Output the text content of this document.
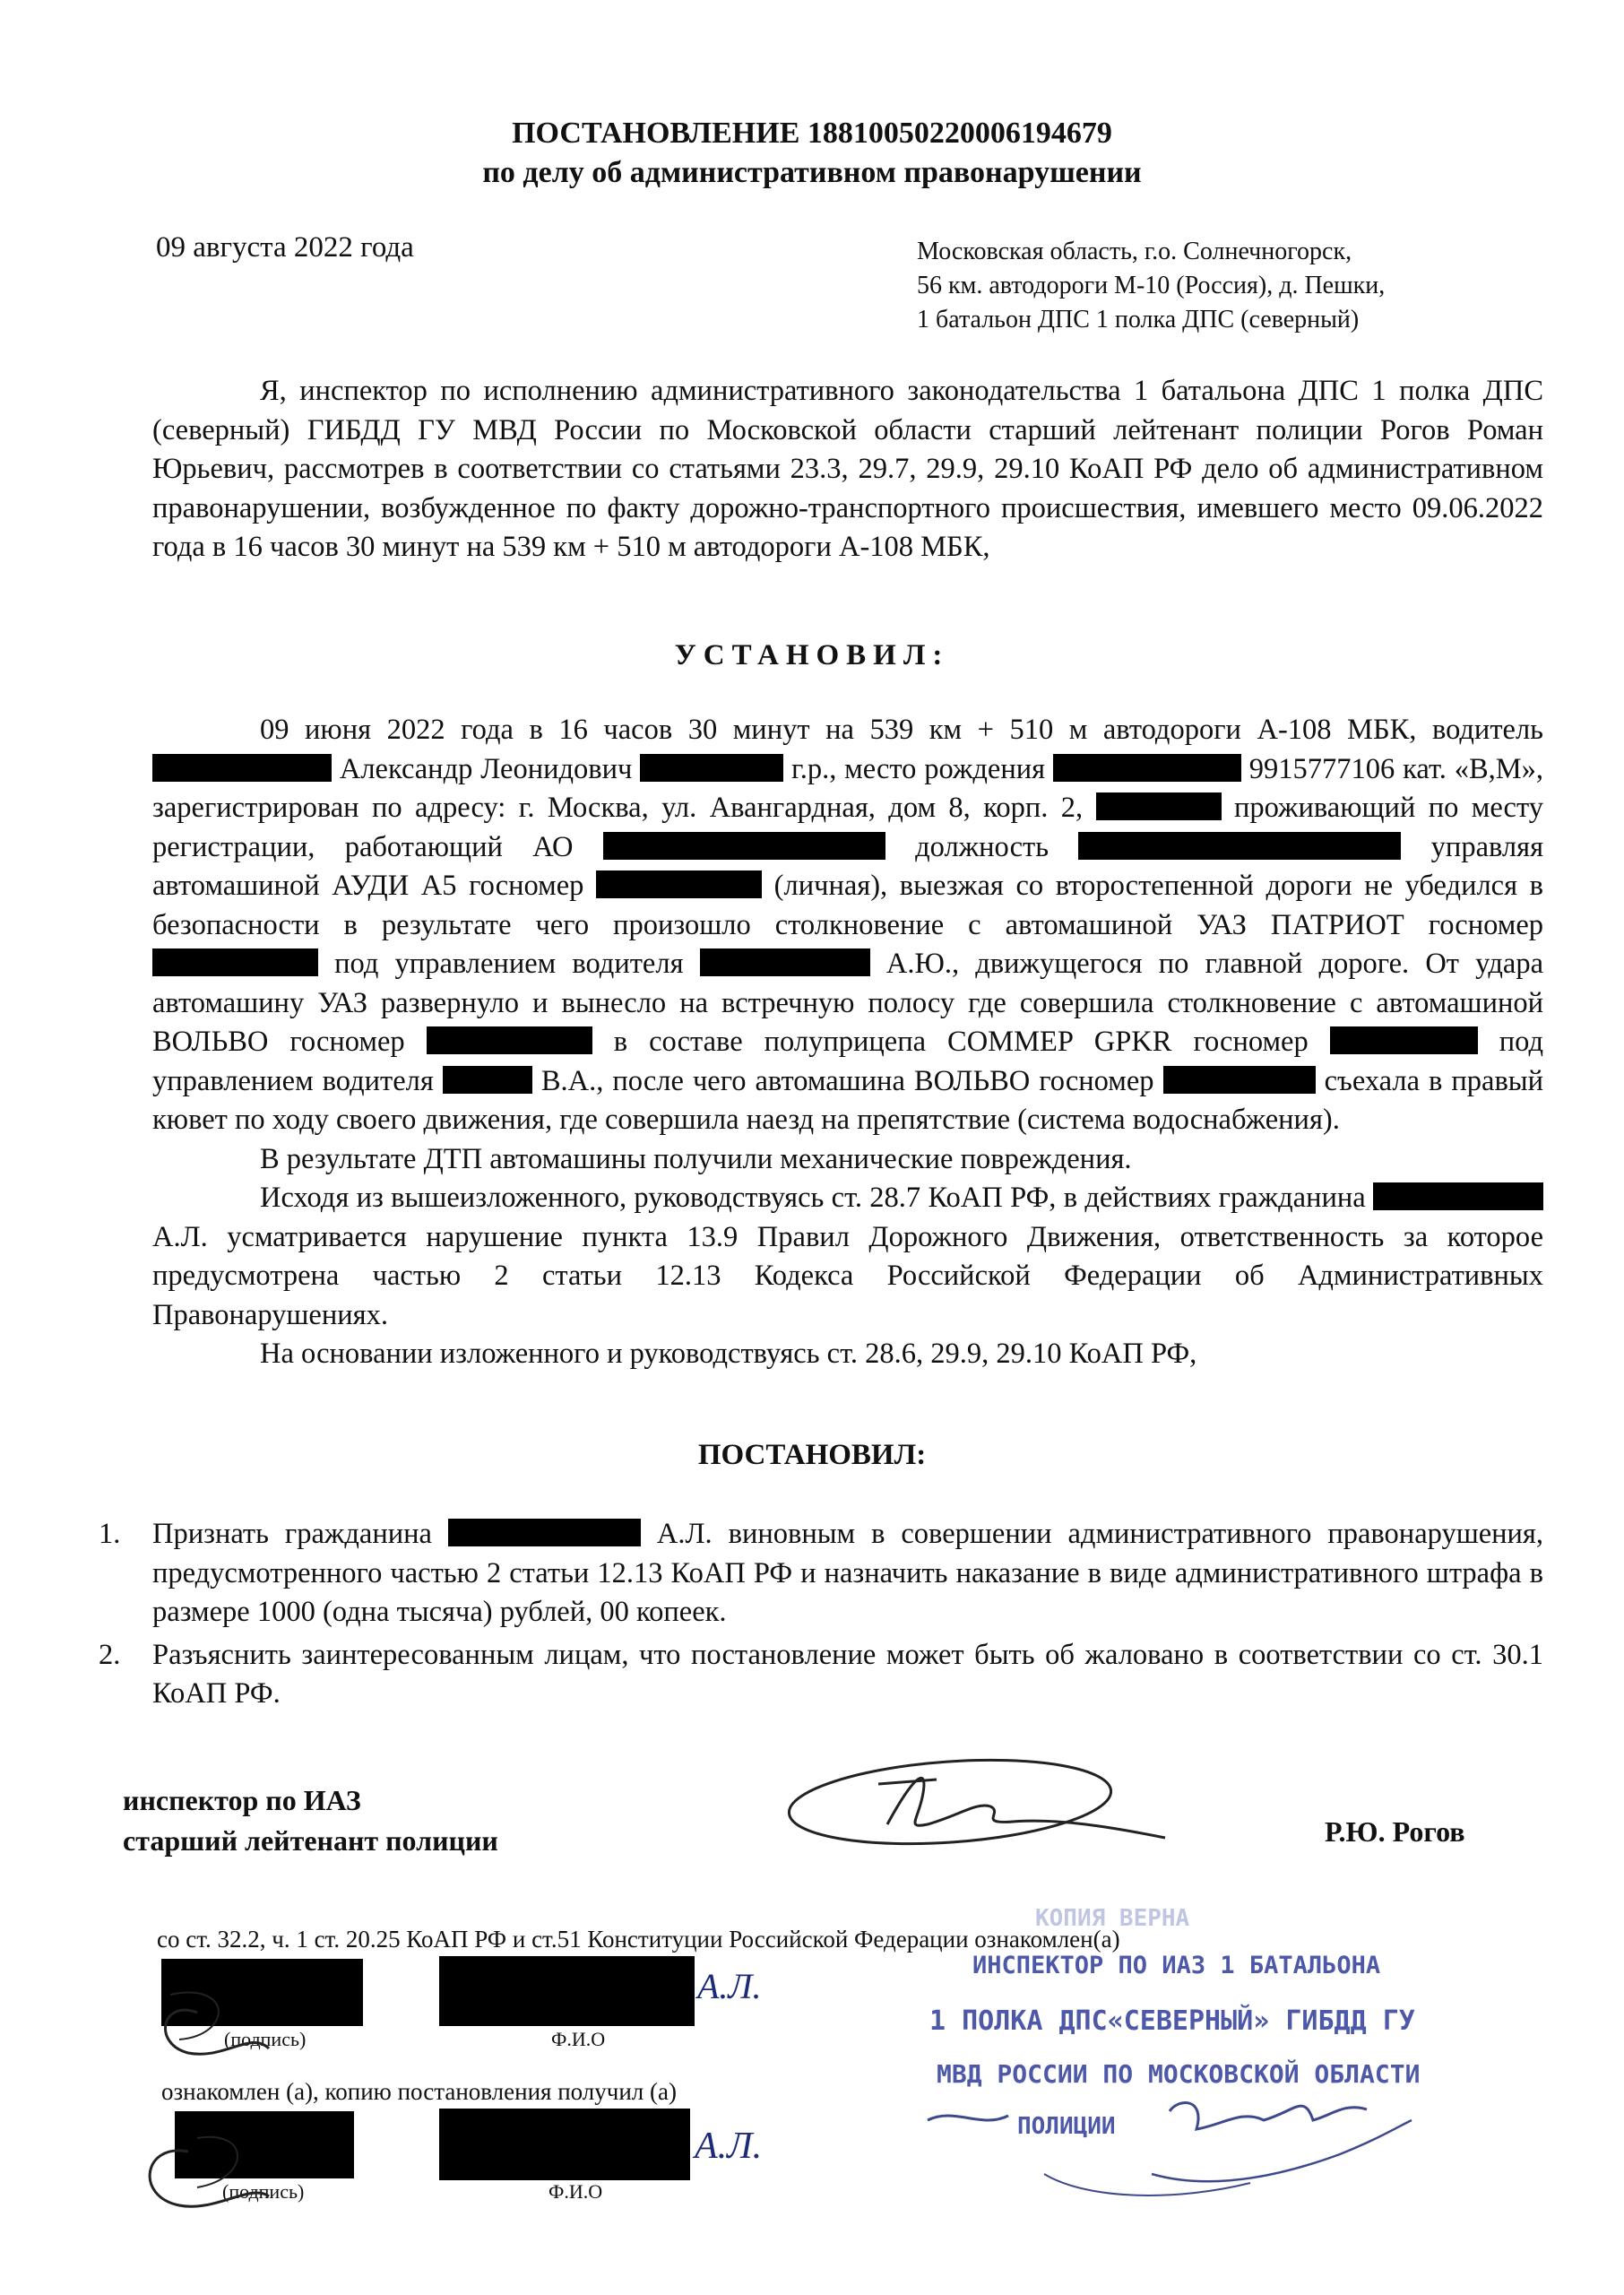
ПОСТАНОВЛЕНИЕ 18810050220006194679
по делу об административном правонарушении
09 августа 2022 года	Московская область, г.о. Солнечногорск,
56 км. автодороги М-10 (Россия), д. Пешки,
1 батальон ДПС 1 полка ДПС (северный)
Я, инспектор по исполнению административного законодательства 1 батальона ДПС 1 полка ДПС (северный) ГИБДД ГУ МВД России по Московской области старший лейтенант полиции Рогов Роман Юрьевич, рассмотрев в соответствии со статьями 23.3, 29.7, 29.9, 29.10 КоАП РФ дело об административном правонарушении, возбужденное по факту дорожно-транспортного происшествия, имевшего место 09.06.2022 года в 16 часов 30 минут на 539 км + 510 м автодороги А-108 МБК,
УСТАНОВИЛ:

09 июня 2022 года в 16 часов 30 минут на 539 км + 510 м автодороги А-108 МБК, водитель  Александр Леонидович	г.р., место рождения	9915777106 кат. «В,М», зарегистрирован по адресу: г. Москва, ул. Авангардная, дом 8, корп. 2,	проживающий по месту регистрации, работающий АО	должность	управляя автомашиной АУДИ А5 госномер	(личная), выезжая со второстепенной дороги не убедился в безопасности в результате чего произошло столкновение с автомашиной УАЗ ПАТРИОТ госномер  под управлением водителя	А.Ю., движущегося по главной дороге. От удара автомашину УАЗ развернуло и вынесло на встречную полосу где совершила столкновение с автомашиной ВОЛЬВО госномер	в составе полуприцепа COMMEP GPKR госномер	под управлением водителя	В.А., после чего автомашина ВОЛЬВО госномер	съехала в правый кювет по ходу своего движения, где совершила наезд на препятствие (система водоснабжения).

В результате ДТП автомашины получили механические повреждения.

Исходя из вышеизложенного, руководствуясь ст. 28.7 КоАП РФ, в действиях гражданина  А.Л. усматривается нарушение пункта 13.9 Правил Дорожного Движения, ответственность за которое предусмотрена частью 2 статьи 12.13 Кодекса Российской Федерации об Административных Правонарушениях.

На основании изложенного и руководствуясь ст. 28.6, 29.9, 29.10 КоАП РФ,

ПОСТАНОВИЛ:
1. Признать гражданина	А.Л. виновным в совершении административного правонарушения, предусмотренного частью 2 статьи 12.13 КоАП РФ и назначить наказание в виде административного штрафа в размере 1000 (одна тысяча) рублей, 00 копеек.
2. Разъяснить заинтересованным лицам, что постановление может быть об жаловано в соответствии со ст. 30.1 КоАП РФ.
инспектор по ИАЗ
старший лейтенант полиции	Р.Ю. Рогов
со ст. 32.2, ч. 1 ст. 20.25 КоАП РФ и ст.51 Конституции Российской Федерации ознакомлен(а)
А.Л.
(подпись)	Ф.И.О
ознакомлен (а), копию постановления получил (а)
А.Л.
(подпись)	Ф.И.О
КОПИЯ ВЕРНА
ИНСПЕКТОР ПО ИАЗ 1 БАТАЛЬОНА
1 ПОЛКА ДПС«СЕВЕРНЫЙ» ГИБДД ГУ
МВД РОССИИ ПО МОСКОВСКОЙ ОБЛАСТИ
ПОЛИЦИИ
